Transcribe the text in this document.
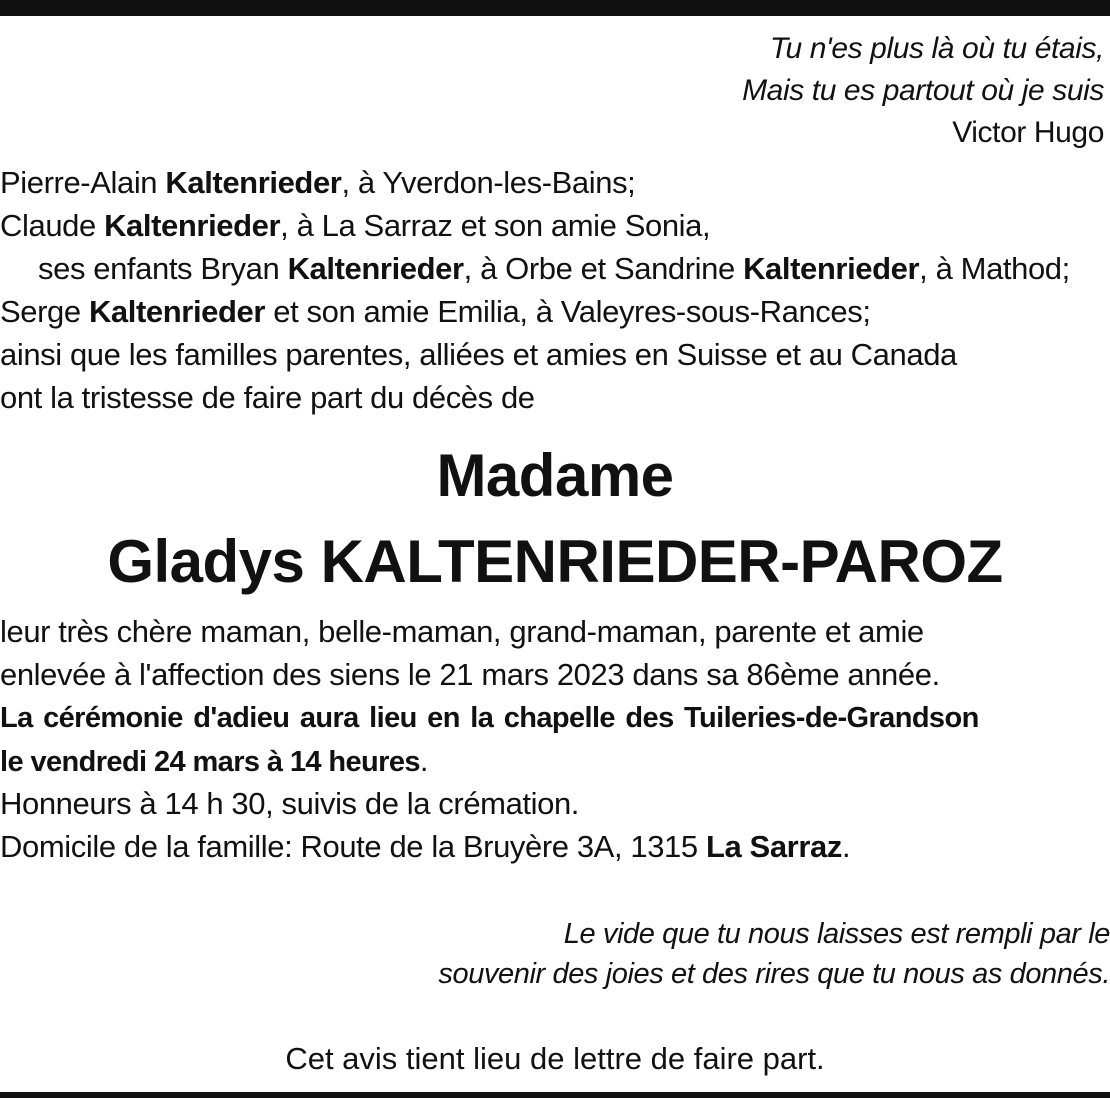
Tu n'es plus là où tu étais,
Mais tu es partout où je suis
Victor Hugo
Pierre-Alain Kaltenrieder, à Yverdon-les-Bains;
Claude Kaltenrieder, à La Sarraz et son amie Sonia,
ses enfants Bryan Kaltenrieder, à Orbe et Sandrine Kaltenrieder, à Mathod;
Serge Kaltenrieder et son amie Emilia, à Valeyres-sous-Rances;
ainsi que les familles parentes, alliées et amies en Suisse et au Canada
ont la tristesse de faire part du décès de
Madame
Gladys KALTENRIEDER-PAROZ
leur très chère maman, belle-maman, grand-maman, parente et amie
enlevée à l'affection des siens le 21 mars 2023 dans sa 86ème année.
La cérémonie d'adieu aura lieu en la chapelle des Tuileries-de-Grandson
le vendredi 24 mars à 14 heures.
Honneurs à 14 h 30, suivis de la crémation.
Domicile de la famille: Route de la Bruyère 3A, 1315 La Sarraz.
Le vide que tu nous laisses est rempli par le
souvenir des joies et des rires que tu nous as donnés.
Cet avis tient lieu de lettre de faire part.
